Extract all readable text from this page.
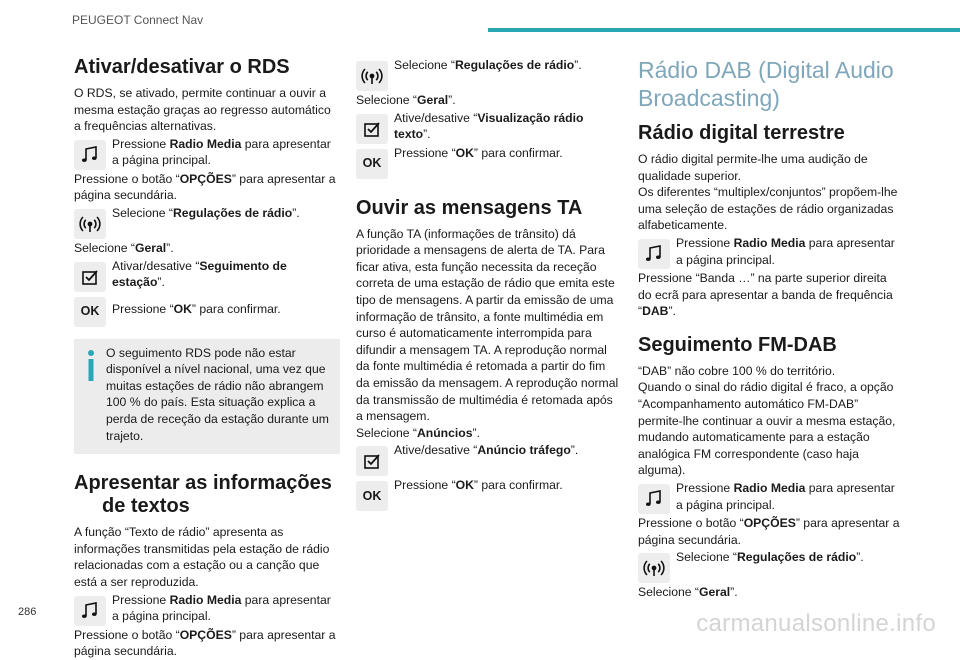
PEUGEOT Connect Nav
Ativar/desativar o RDS

O RDS, se ativado, permite continuar a ouvir a mesma estação graças ao regresso automático a frequências alternativas.

Pressione Radio Media para apresentar a página principal.

Pressione o botão “OPÇÕES” para apresentar a página secundária.

Selecione “Regulações de rádio”.

Selecione “Geral”.

Ativar/desative “Seguimento de estação”.
OK Pressione “OK” para confirmar.

O seguimento RDS pode não estar disponível a nível nacional, uma vez que muitas estações de rádio não abrangem 100 % do país. Esta situação explica a perda de receção da estação durante um trajeto.

Apresentar as informações de textos

A função “Texto de rádio” apresenta as informações transmitidas pela estação de rádio relacionadas com a estação ou a canção que está a ser reproduzida.

Pressione Radio Media para apresentar a página principal.

Pressione o botão “OPÇÕES” para apresentar a página secundária.

Selecione “Regulações de rádio”.

Selecione “Geral”.

Ative/desative “Visualização rádio texto”.
OK
Pressione “OK” para confirmar.
Ouvir as mensagens TA

A função TA (informações de trânsito) dá prioridade a mensagens de alerta de TA. Para ficar ativa, esta função necessita da receção correta de uma estação de rádio que emita este tipo de mensagens. A partir da emissão de uma informação de trânsito, a fonte multimédia em curso é automaticamente interrompida para difundir a mensagem TA. A reprodução normal da fonte multimédia é retomada a partir do fim da emissão da mensagem. A reprodução normal da transmissão de multimédia é retomada após a mensagem.

Selecione “Anúncios”.

Ative/desative “Anúncio tráfego”.
OK
Pressione “OK” para confirmar.
Rádio DAB (Digital Audio Broadcasting)
Rádio digital terrestre

O rádio digital permite-lhe uma audição de qualidade superior.
Os diferentes “multiplex/conjuntos” propõem-lhe uma seleção de estações de rádio organizadas alfabeticamente.

Pressione Radio Media para apresentar a página principal.

Pressione “Banda …” na parte superior direita do ecrã para apresentar a banda de frequência “DAB”.

Seguimento FM-DAB

“DAB” não cobre 100 % do território.
Quando o sinal do rádio digital é fraco, a opção “Acompanhamento automático FM-DAB” permite-lhe continuar a ouvir a mesma estação, mudando automaticamente para a estação analógica FM correspondente (caso haja alguma).

Pressione Radio Media para apresentar a página principal.

Pressione o botão “OPÇÕES” para apresentar a página secundária.

Selecione “Regulações de rádio”.

Selecione “Geral”.

286	carmanualsonline.info
